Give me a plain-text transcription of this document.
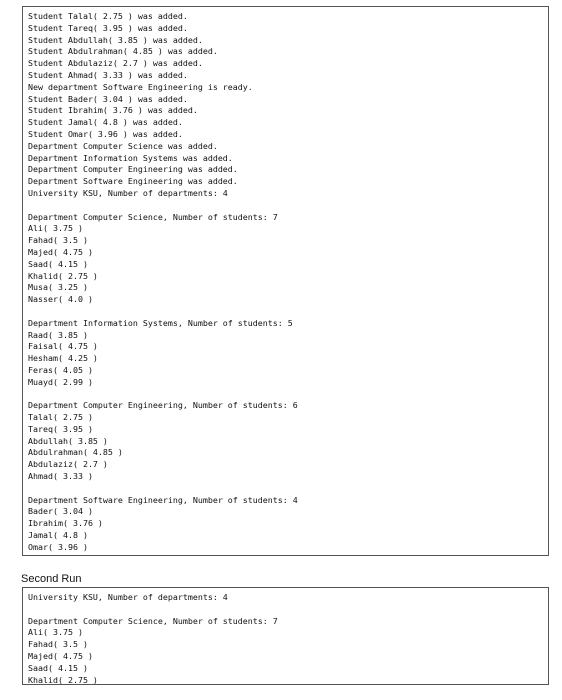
Student Talal( 2.75 ) was added.
Student Tareq( 3.95 ) was added.
Student Abdullah( 3.85 ) was added.
Student Abdulrahman( 4.85 ) was added.
Student Abdulaziz( 2.7 ) was added.
Student Ahmad( 3.33 ) was added.
New department Software Engineering is ready.
Student Bader( 3.04 ) was added.
Student Ibrahim( 3.76 ) was added.
Student Jamal( 4.8 ) was added.
Student Omar( 3.96 ) was added.
Department Computer Science was added.
Department Information Systems was added.
Department Computer Engineering was added.
Department Software Engineering was added.
University KSU, Number of departments: 4
Department Computer Science, Number of students: 7
Ali( 3.75 )
Fahad( 3.5 )
Majed( 4.75 )
Saad( 4.15 )
Khalid( 2.75 )
Musa( 3.25 )
Nasser( 4.0 )
Department Information Systems, Number of students: 5
Raad( 3.85 )
Faisal( 4.75 )
Hesham( 4.25 )
Feras( 4.05 )
Muayd( 2.99 )
Department Computer Engineering, Number of students: 6
Talal( 2.75 )
Tareq( 3.95 )
Abdullah( 3.85 )
Abdulrahman( 4.85 )
Abdulaziz( 2.7 )
Ahmad( 3.33 )
Department Software Engineering, Number of students: 4
Bader( 3.04 )
Ibrahim( 3.76 )
Jamal( 4.8 )
Omar( 3.96 )
Second Run
University KSU, Number of departments: 4
Department Computer Science, Number of students: 7
Ali( 3.75 )
Fahad( 3.5 )
Majed( 4.75 )
Saad( 4.15 )
Khalid( 2.75 )
